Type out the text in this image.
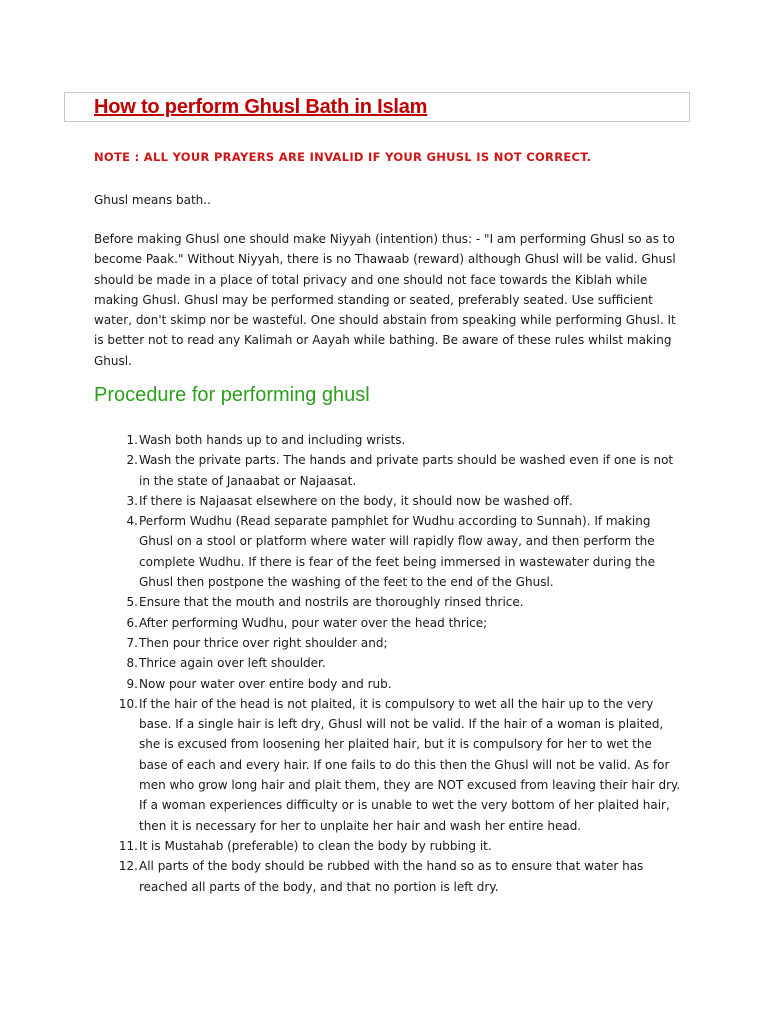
How to perform Ghusl Bath in Islam

NOTE : ALL YOUR PRAYERS ARE INVALID IF YOUR GHUSL IS NOT CORRECT.

Ghusl means bath..

Before making Ghusl one should make Niyyah (intention) thus: - "I am performing Ghusl so as to become Paak." Without Niyyah, there is no Thawaab (reward) although Ghusl will be valid. Ghusl should be made in a place of total privacy and one should not face towards the Kiblah while making Ghusl. Ghusl may be performed standing or seated, preferably seated. Use sufficient water, don't skimp nor be wasteful. One should abstain from speaking while performing Ghusl. It is better not to read any Kalimah or Aayah while bathing. Be aware of these rules whilst making Ghusl.

Procedure for performing ghusl
1. Wash both hands up to and including wrists.
2. Wash the private parts. The hands and private parts should be washed even if one is not in the state of Janaabat or Najaasat.
3. If there is Najaasat elsewhere on the body, it should now be washed off.
4. Perform Wudhu (Read separate pamphlet for Wudhu according to Sunnah). If making Ghusl on a stool or platform where water will rapidly flow away, and then perform the complete Wudhu. If there is fear of the feet being immersed in wastewater during the Ghusl then postpone the washing of the feet to the end of the Ghusl.
5. Ensure that the mouth and nostrils are thoroughly rinsed thrice.
6. After performing Wudhu, pour water over the head thrice;
7. Then pour thrice over right shoulder and;
8. Thrice again over left shoulder.
9. Now pour water over entire body and rub.
10. If the hair of the head is not plaited, it is compulsory to wet all the hair up to the very base. If a single hair is left dry, Ghusl will not be valid. If the hair of a woman is plaited, she is excused from loosening her plaited hair, but it is compulsory for her to wet the base of each and every hair. If one fails to do this then the Ghusl will not be valid. As for men who grow long hair and plait them, they are NOT excused from leaving their hair dry. If a woman experiences difficulty or is unable to wet the very bottom of her plaited hair, then it is necessary for her to unplaite her hair and wash her entire head.
11. It is Mustahab (preferable) to clean the body by rubbing it.
12. All parts of the body should be rubbed with the hand so as to ensure that water has reached all parts of the body, and that no portion is left dry.
